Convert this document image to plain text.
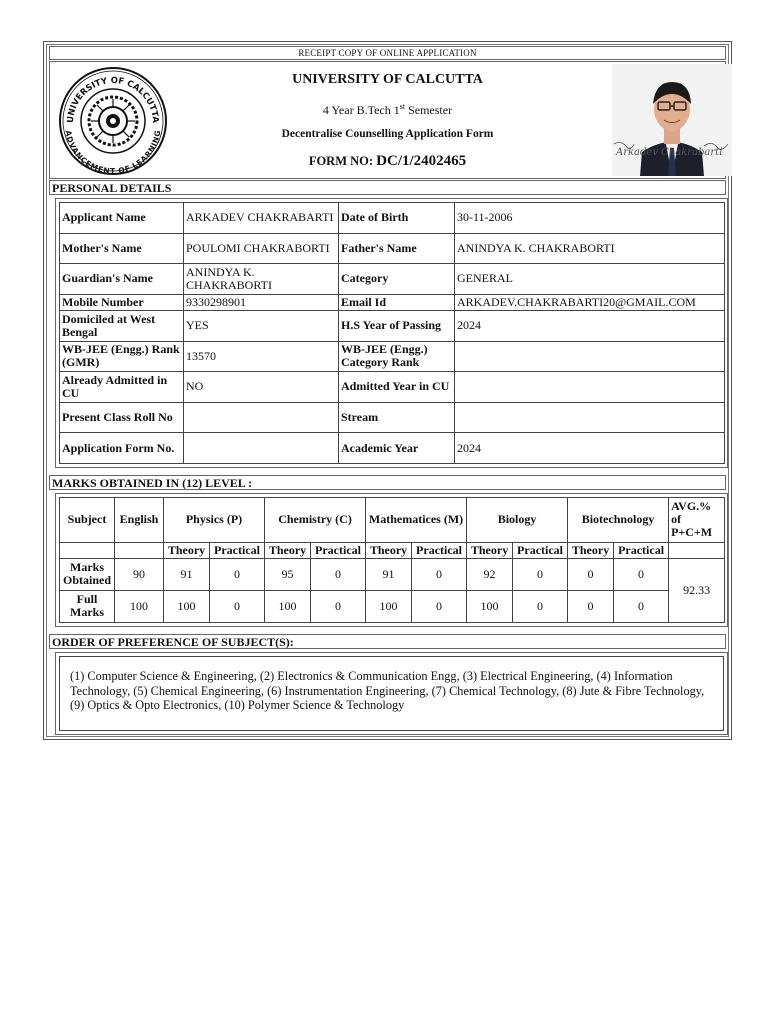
RECEIPT COPY OF ONLINE APPLICATION
UNIVERSITY OF CALCUTTA
ADVANCEMENT OF LEARNING
UNIVERSITY OF CALCUTTA
4 Year B.Tech 1st Semester
Decentralise Counselling Application Form
FORM NO: DC/1/2402465
Arkadev Chakrabarti
PERSONAL DETAILS
Applicant Name	ARKADEV CHAKRABARTI	Date of Birth	30-11-2006
Mother's Name	POULOMI CHAKRABORTI	Father's Name	ANINDYA K. CHAKRABORTI
Guardian's Name	ANINDYA K. CHAKRABORTI	Category	GENERAL
Mobile Number	9330298901	Email Id	ARKADEV.CHAKRABARTI20@GMAIL.COM
Domiciled at West Bengal	YES	H.S Year of Passing	2024
WB-JEE (Engg.) Rank (GMR)	13570	WB-JEE (Engg.) Category Rank	
Already Admitted in CU	NO	Admitted Year in CU	
Present Class Roll No		Stream	
Application Form No.		Academic Year	2024
MARKS OBTAINED IN (12) LEVEL :
Subject	English	Physics (P)		Chemistry (C)		Mathematices (M)		Biology		Biotechnology		AVG.% of P+C+M
		Theory	Practical	Theory	Practical	Theory	Practical	Theory	Practical	Theory	Practical	
Marks Obtained	90	91	0	95	0	91	0	92	0	0	0	92.33
Full Marks	100	100	0	100	0	100	0	100	0	0	0	
ORDER OF PREFERENCE OF SUBJECT(S):
(1) Computer Science & Engineering, (2) Electronics & Communication Engg, (3) Electrical Engineering, (4) Information Technology, (5) Chemical Engineering, (6) Instrumentation Engineering, (7) Chemical Technology, (8) Jute & Fibre Technology, (9) Optics & Opto Electronics, (10) Polymer Science & Technology
